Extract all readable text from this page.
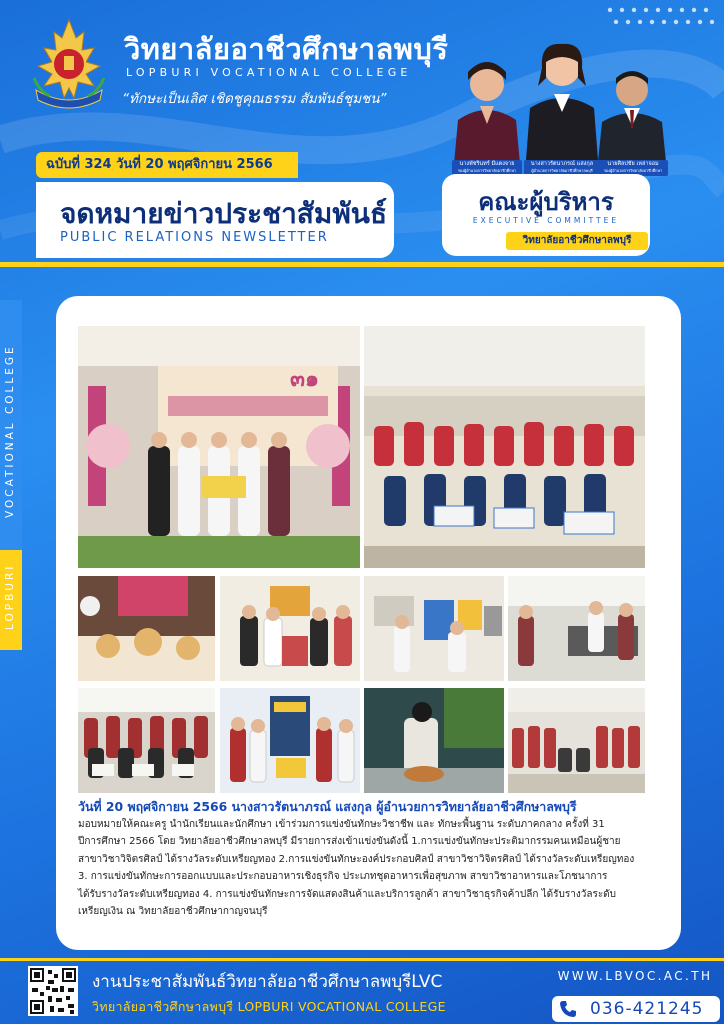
วิทยาลัยอาชีวศึกษาลพบุรี
LOPBURI VOCATIONAL COLLEGE
“ทักษะเป็นเลิศ เชิดชูคุณธรรม สัมพันธ์ชุมชน”
นางพัชรินทร์ มีแตงจาย
รองผู้อำนวยการวิทยาลัยอาชีวศึกษา
นางสาวรัตนาภรณ์ แสงกุล
ผู้อำนวยการวิทยาลัยอาชีวศึกษาลพบุรี
นายศิลปชัย เหล่าจอม
รองผู้อำนวยการวิทยาลัยอาชีวศึกษา
ฉบับที่ 324 วันที่ 20 พฤศจิกายน 2566
จดหมายข่าวประชาสัมพันธ์
PUBLIC RELATIONS NEWSLETTER
คณะผู้บริหาร
EXECUTIVE COMMITTEE
วิทยาลัยอาชีวศึกษาลพบุรี
VOCATIONAL COLLEGE
LOPBURI
๓๑
วันที่ 20 พฤศจิกายน 2566 นางสาวรัตนาภรณ์ แสงกุล ผู้อำนวยการวิทยาลัยอาชีวศึกษาลพบุรี
มอบหมายให้คณะครู นำนักเรียนและนักศึกษา เข้าร่วมการแข่งขันทักษะวิชาชีพ และ ทักษะพื้นฐาน ระดับภาคกลาง ครั้งที่ 31
ปีการศึกษา 2566 โดย วิทยาลัยอาชีวศึกษาลพบุรี มีรายการส่งเข้าแข่งขันดังนี้ 1.การแข่งขันทักษะประติมากรรมคนเหมือนผู้ชาย
สาขาวิชาวิจิตรศิลป์ ได้รางวัลระดับเหรียญทอง 2.การแข่งขันทักษะองค์ประกอบศิลป์ สาขาวิชาวิจิตรศิลป์ ได้รางวัลระดับเหรียญทอง
3. การแข่งขันทักษะการออกแบบและประกอบอาหารเชิงธุรกิจ ประเภทชุดอาหารเพื่อสุขภาพ สาขาวิชาอาหารและโภชนาการ
ได้รับรางวัลระดับเหรียญทอง 4. การแข่งขันทักษะการจัดแสดงสินค้าและบริการลูกค้า สาขาวิชาธุรกิจค้าปลีก ได้รับรางวัลระดับ
เหรียญเงิน ณ วิทยาลัยอาชีวศึกษากาญจนบุรี
งานประชาสัมพันธ์วิทยาลัยอาชีวศึกษาลพบุรีLVC
วิทยาลัยอาชีวศึกษาลพบุรี LOPBURI VOCATIONAL COLLEGE
WWW.LBVOC.AC.TH
036-421245
